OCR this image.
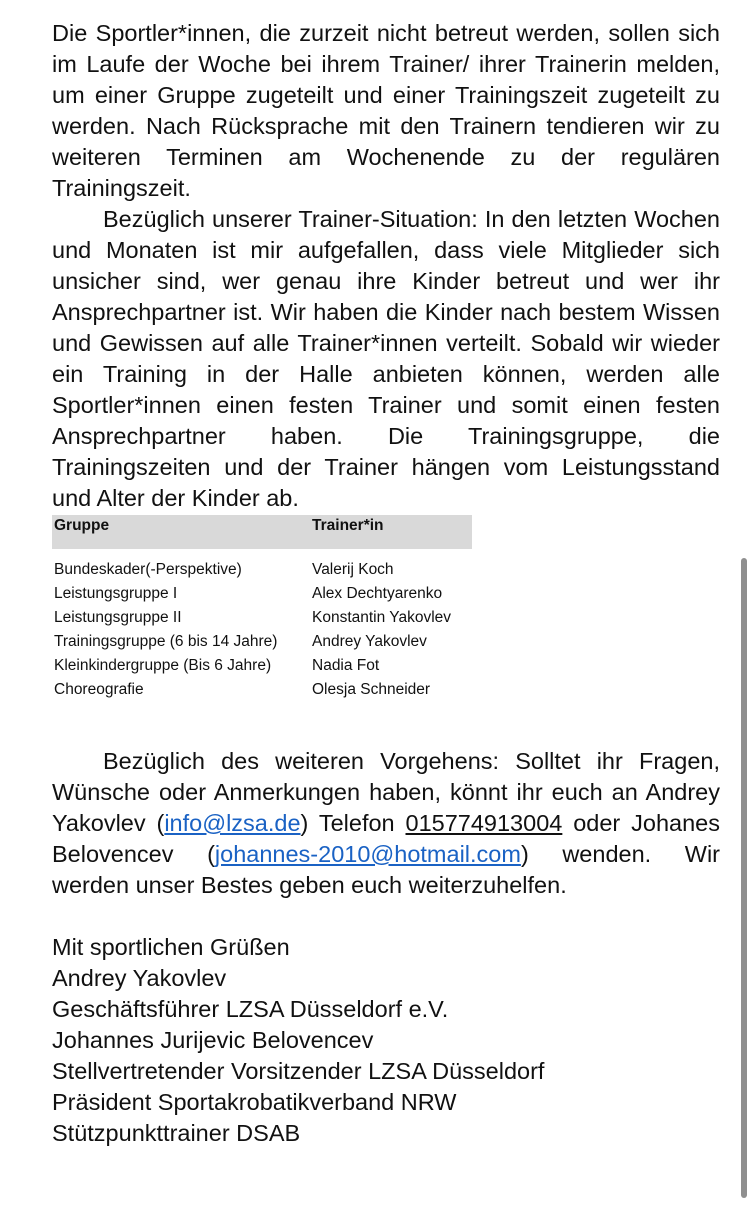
Die Sportler*innen, die zurzeit nicht betreut werden, sollen sich im Laufe der Woche bei ihrem Trainer/ ihrer Trainerin melden, um einer Gruppe zugeteilt und einer Trainingszeit zugeteilt zu werden. Nach Rücksprache mit den Trainern tendieren wir zu weiteren Terminen am Wochenende zu der regulären Trainingszeit.

Bezüglich unserer Trainer-Situation: In den letzten Wochen und Monaten ist mir aufgefallen, dass viele Mitglieder sich unsicher sind, wer genau ihre Kinder betreut und wer ihr Ansprechpartner ist. Wir haben die Kinder nach bestem Wissen und Gewissen auf alle Trainer*innen verteilt. Sobald wir wieder ein Training in der Halle anbieten können, werden alle Sportler*innen einen festen Trainer und somit einen festen Ansprechpartner haben. Die Trainingsgruppe, die Trainingszeiten und der Trainer hängen vom Leistungsstand und Alter der Kinder ab.

Gruppe	Trainer*in
Bundeskader(-Perspektive)	Valerij Koch
Leistungsgruppe I	Alex Dechtyarenko
Leistungsgruppe II	Konstantin Yakovlev
Trainingsgruppe (6 bis 14 Jahre)	Andrey Yakovlev
Kleinkindergruppe (Bis 6 Jahre)	Nadia Fot
Choreografie	Olesja Schneider

Bezüglich des weiteren Vorgehens: Solltet ihr Fragen, Wünsche oder Anmerkungen haben, könnt ihr euch an Andrey Yakovlev (info@lzsa.de) Telefon 015774913004 oder Johanes Belovencev (johannes-2010@hotmail.com) wenden. Wir werden unser Bestes geben euch weiterzuhelfen.

Mit sportlichen Grüßen
Andrey Yakovlev
Geschäftsführer LZSA Düsseldorf e.V.
Johannes Jurijevic Belovencev
Stellvertretender Vorsitzender LZSA Düsseldorf
Präsident Sportakrobatikverband NRW
Stützpunkttrainer DSAB
